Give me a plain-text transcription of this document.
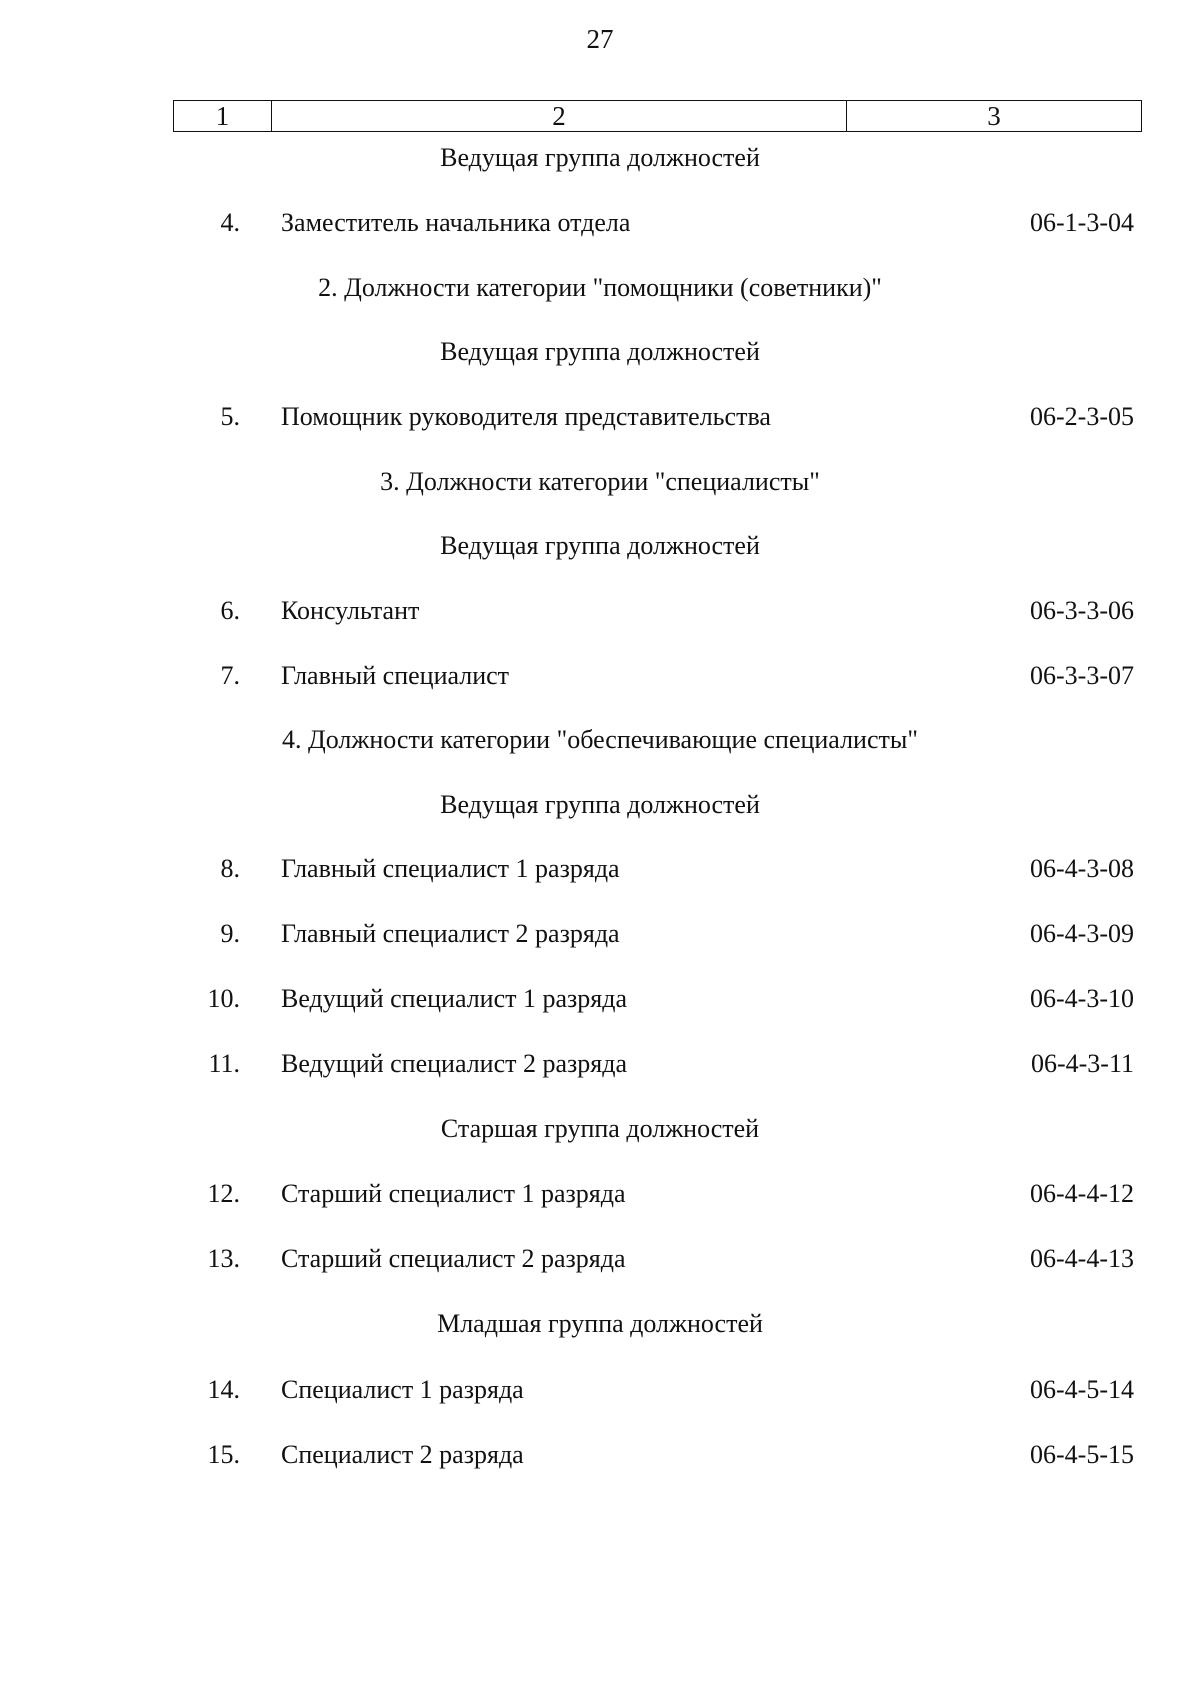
27
1	2	3
Ведущая группа должностей
4. Заместитель начальника отдела	06-1-3-04
2. Должности категории "помощники (советники)"
Ведущая группа должностей
5. Помощник руководителя представительства	06-2-3-05
3. Должности категории "специалисты"
Ведущая группа должностей
6. Консультант	06-3-3-06
7. Главный специалист	06-3-3-07
4. Должности категории "обеспечивающие специалисты"
Ведущая группа должностей
8. Главный специалист 1 разряда	06-4-3-08
9. Главный специалист 2 разряда	06-4-3-09
10. Ведущий специалист 1 разряда	06-4-3-10
11. Ведущий специалист 2 разряда	06-4-3-11
Старшая группа должностей
12. Старший специалист 1 разряда	06-4-4-12
13. Старший специалист 2 разряда	06-4-4-13
Младшая группа должностей
14. Специалист 1 разряда	06-4-5-14
15. Специалист 2 разряда	06-4-5-15
